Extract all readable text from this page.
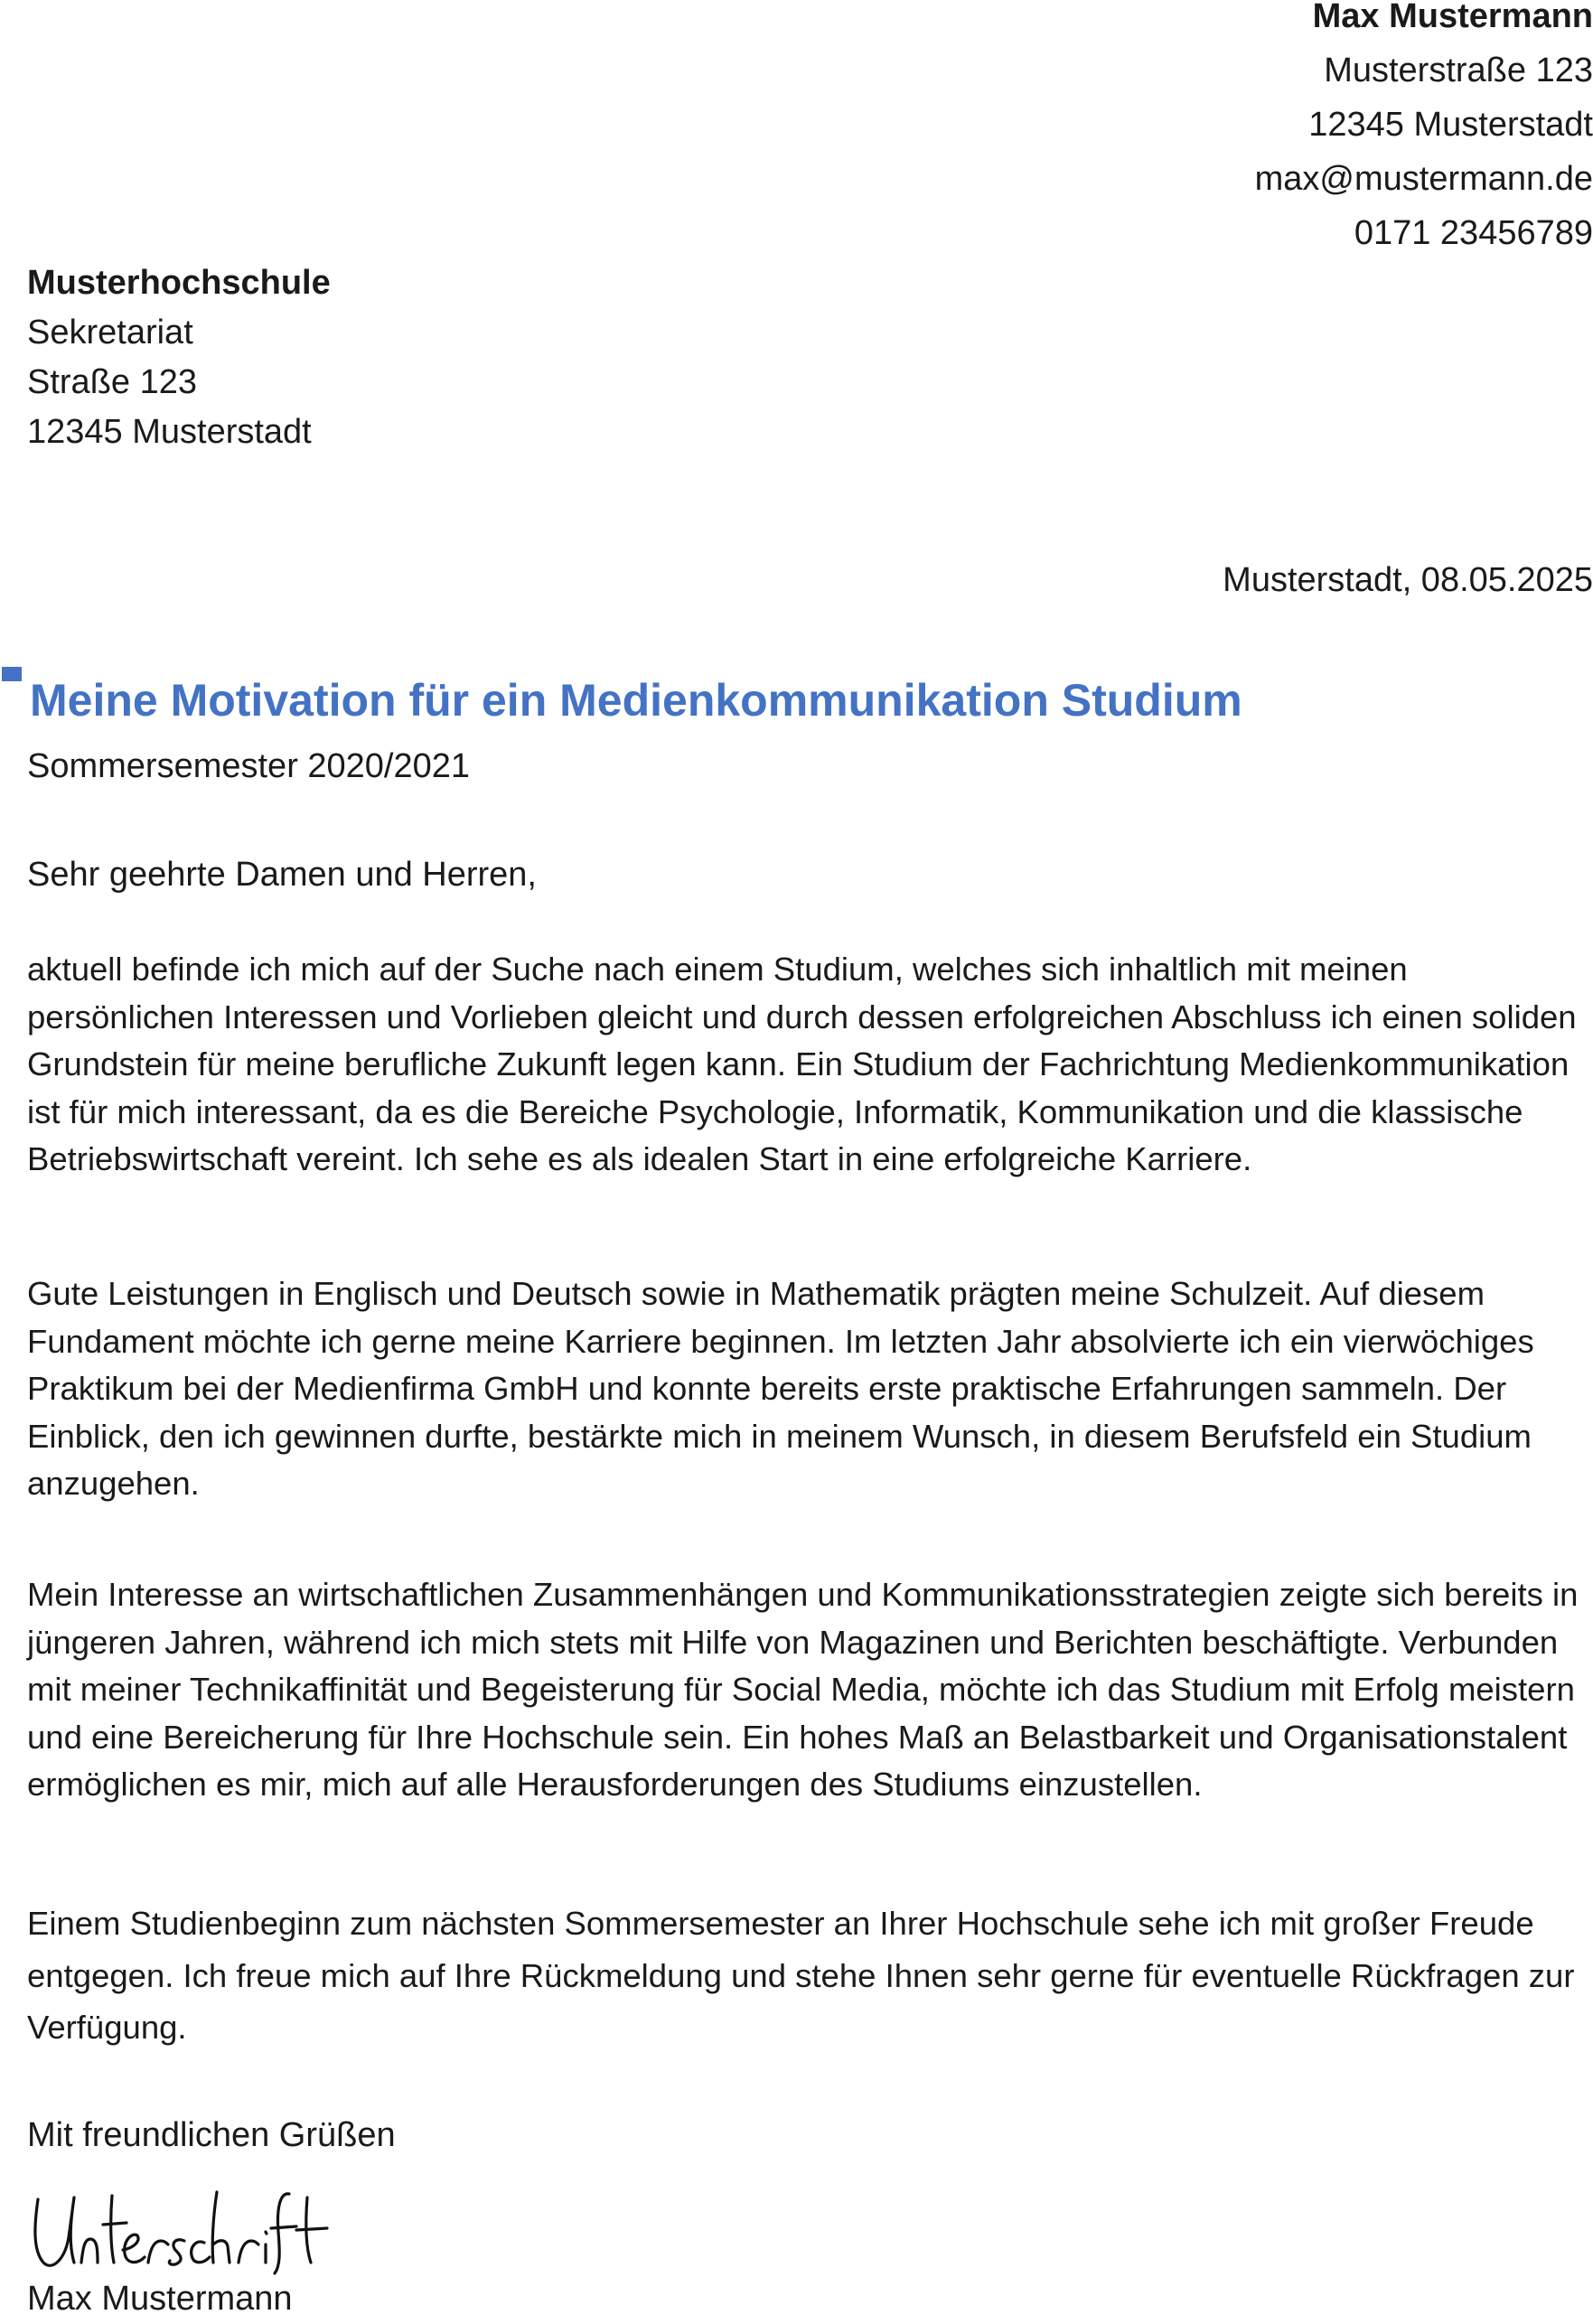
Max Mustermann
Musterstraße 123
12345 Musterstadt
max@mustermann.de
0171 23456789
Musterhochschule
Sekretariat
Straße 123
12345 Musterstadt
Musterstadt, 08.05.2025
Meine Motivation für ein Medienkommunikation Studium
Sommersemester 2020/2021
Sehr geehrte Damen und Herren,

aktuell befinde ich mich auf der Suche nach einem Studium, welches sich inhaltlich mit meinen persönlichen Interessen und Vorlieben gleicht und durch dessen erfolgreichen Abschluss ich einen soliden Grundstein für meine berufliche Zukunft legen kann. Ein Studium der Fachrichtung Medienkommunikation ist für mich interessant, da es die Bereiche Psychologie, Informatik, Kommunikation und die klassische Betriebswirtschaft vereint. Ich sehe es als idealen Start in eine erfolgreiche Karriere.

Gute Leistungen in Englisch und Deutsch sowie in Mathematik prägten meine Schulzeit. Auf diesem Fundament möchte ich gerne meine Karriere beginnen. Im letzten Jahr absolvierte ich ein vierwöchiges Praktikum bei der Medienfirma GmbH und konnte bereits erste praktische Erfahrungen sammeln. Der Einblick, den ich gewinnen durfte, bestärkte mich in meinem Wunsch, in diesem Berufsfeld ein Studium anzugehen.

Mein Interesse an wirtschaftlichen Zusammenhängen und Kommunikationsstrategien zeigte sich bereits in jüngeren Jahren, während ich mich stets mit Hilfe von Magazinen und Berichten beschäftigte. Verbunden mit meiner Technikaffinität und Begeisterung für Social Media, möchte ich das Studium mit Erfolg meistern und eine Bereicherung für Ihre Hochschule sein. Ein hohes Maß an Belastbarkeit und Organisationstalent ermöglichen es mir, mich auf alle Herausforderungen des Studiums einzustellen.

Einem Studienbeginn zum nächsten Sommersemester an Ihrer Hochschule sehe ich mit großer Freude entgegen. Ich freue mich auf Ihre Rückmeldung und stehe Ihnen sehr gerne für eventuelle Rückfragen zur Verfügung.

Mit freundlichen Grüßen
Max Mustermann
